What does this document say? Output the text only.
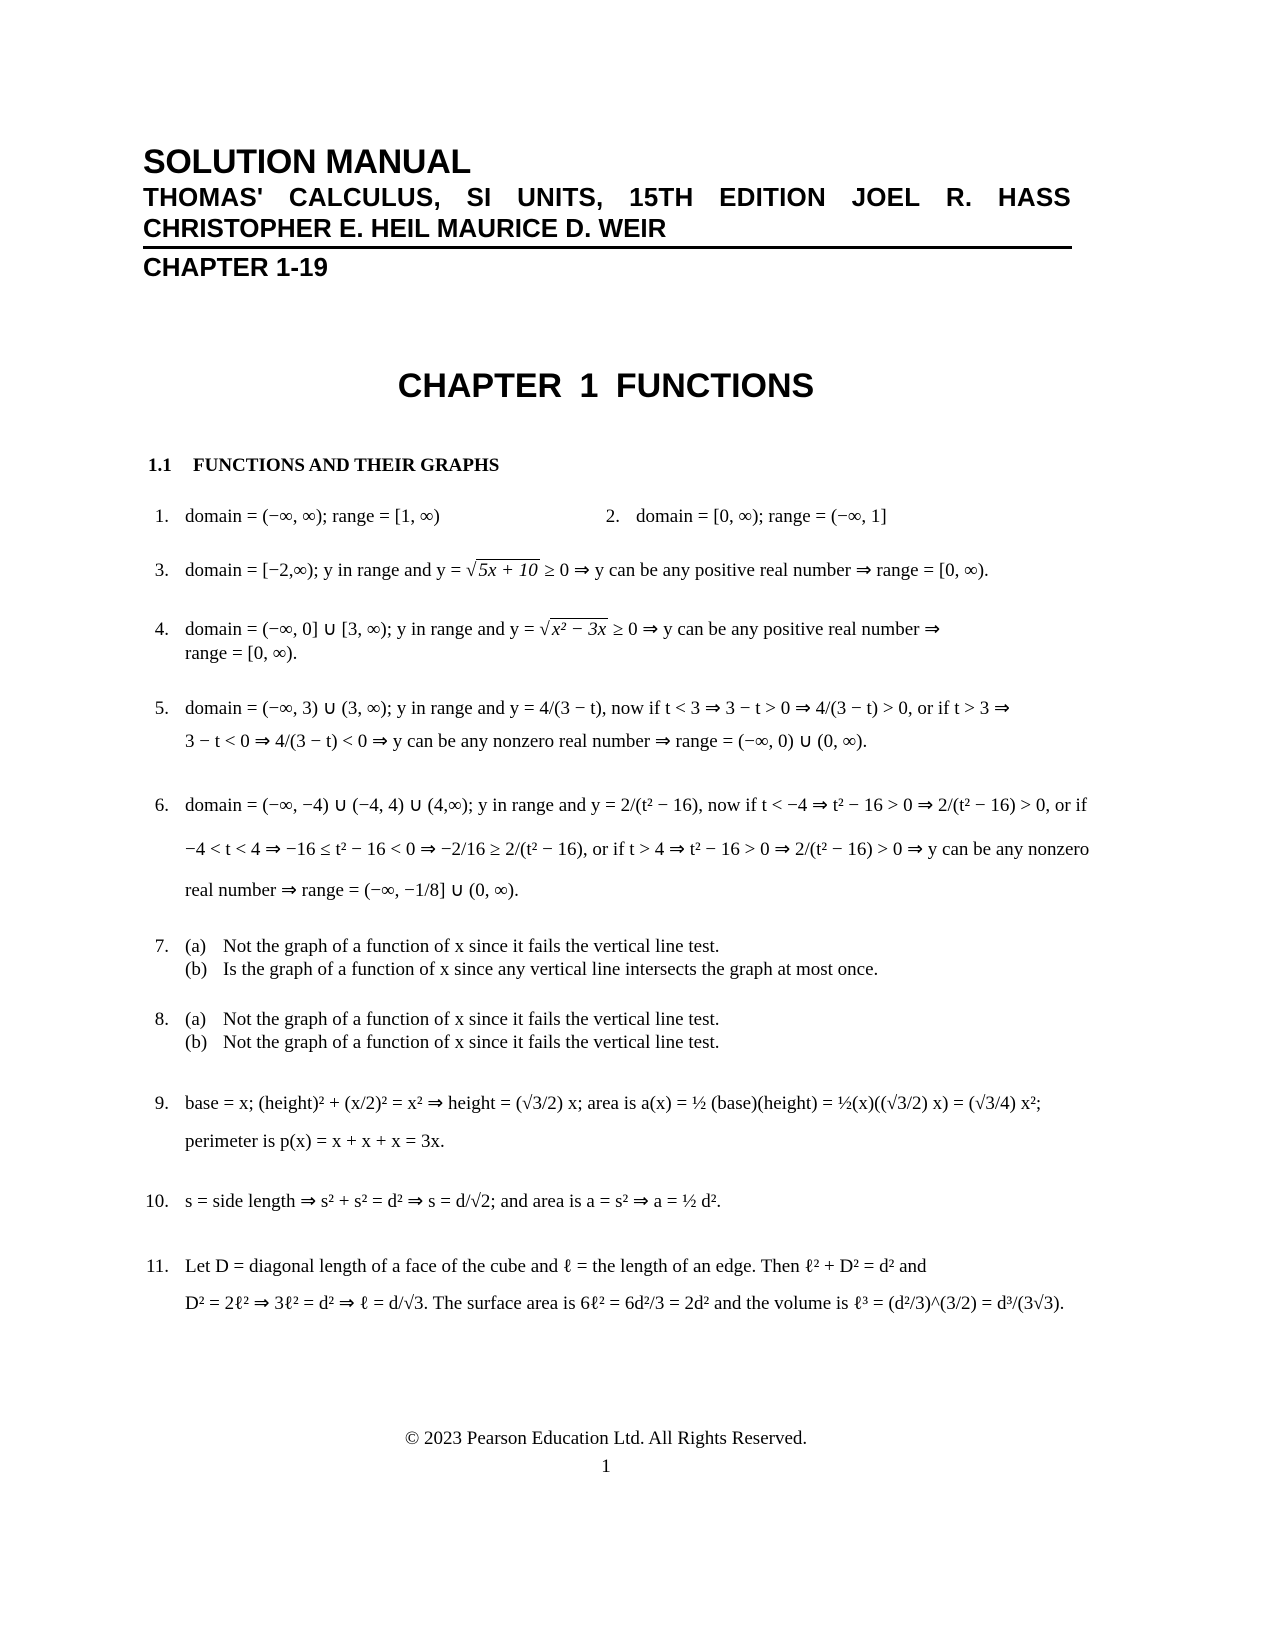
SOLUTION MANUAL
THOMAS' CALCULUS, SI UNITS, 15TH EDITION JOEL R. HASS
CHRISTOPHER E. HEIL MAURICE D. WEIR
CHAPTER 1-19
CHAPTER 1 FUNCTIONS
1.1 FUNCTIONS AND THEIR GRAPHS
1. domain = (−∞, ∞); range = [1, ∞)	2. domain = [0, ∞); range = (−∞, 1]
3. domain = [−2,∞); y in range and y = √ 5x + 10 ≥ 0 ⇒ y can be any positive real number ⇒ range = [0, ∞).
4. domain = (−∞, 0] ∪ [3, ∞); y in range and y = √ x² − 3x ≥ 0 ⇒ y can be any positive real number ⇒
range = [0, ∞).
5. domain = (−∞, 3) ∪ (3, ∞); y in range and y = 4/(3 − t), now if t < 3 ⇒ 3 − t > 0 ⇒ 4/(3 − t) > 0, or if t > 3 ⇒
3 − t < 0 ⇒ 4/(3 − t) < 0 ⇒ y can be any nonzero real number ⇒ range = (−∞, 0) ∪ (0, ∞).
6. domain = (−∞, −4) ∪ (−4, 4) ∪ (4,∞); y in range and y = 2/(t² − 16), now if t < −4 ⇒ t² − 16 > 0 ⇒ 2/(t² − 16) > 0, or if
−4 < t < 4 ⇒ −16 ≤ t² − 16 < 0 ⇒ −2/16 ≥ 2/(t² − 16), or if t > 4 ⇒ t² − 16 > 0 ⇒ 2/(t² − 16) > 0 ⇒ y can be any nonzero
real number ⇒ range = (−∞, −1/8] ∪ (0, ∞).
7. (a) Not the graph of a function of x since it fails the vertical line test.
(b) Is the graph of a function of x since any vertical line intersects the graph at most once.
8. (a) Not the graph of a function of x since it fails the vertical line test.
(b) Not the graph of a function of x since it fails the vertical line test.
9. base = x; (height)² + (x/2)² = x² ⇒ height = (√3/2) x; area is a(x) = ½ (base)(height) = ½(x)((√3/2) x) = (√3/4) x²;
perimeter is p(x) = x + x + x = 3x.
10. s = side length ⇒ s² + s² = d² ⇒ s = d/√2; and area is a = s² ⇒ a = ½ d².
11. Let D = diagonal length of a face of the cube and ℓ = the length of an edge. Then ℓ² + D² = d² and
D² = 2ℓ² ⇒ 3ℓ² = d² ⇒ ℓ = d/√3. The surface area is 6ℓ² = 6d²/3 = 2d² and the volume is ℓ³ = (d²/3)^(3/2) = d³/(3√3).
© 2023 Pearson Education Ltd. All Rights Reserved.
1
